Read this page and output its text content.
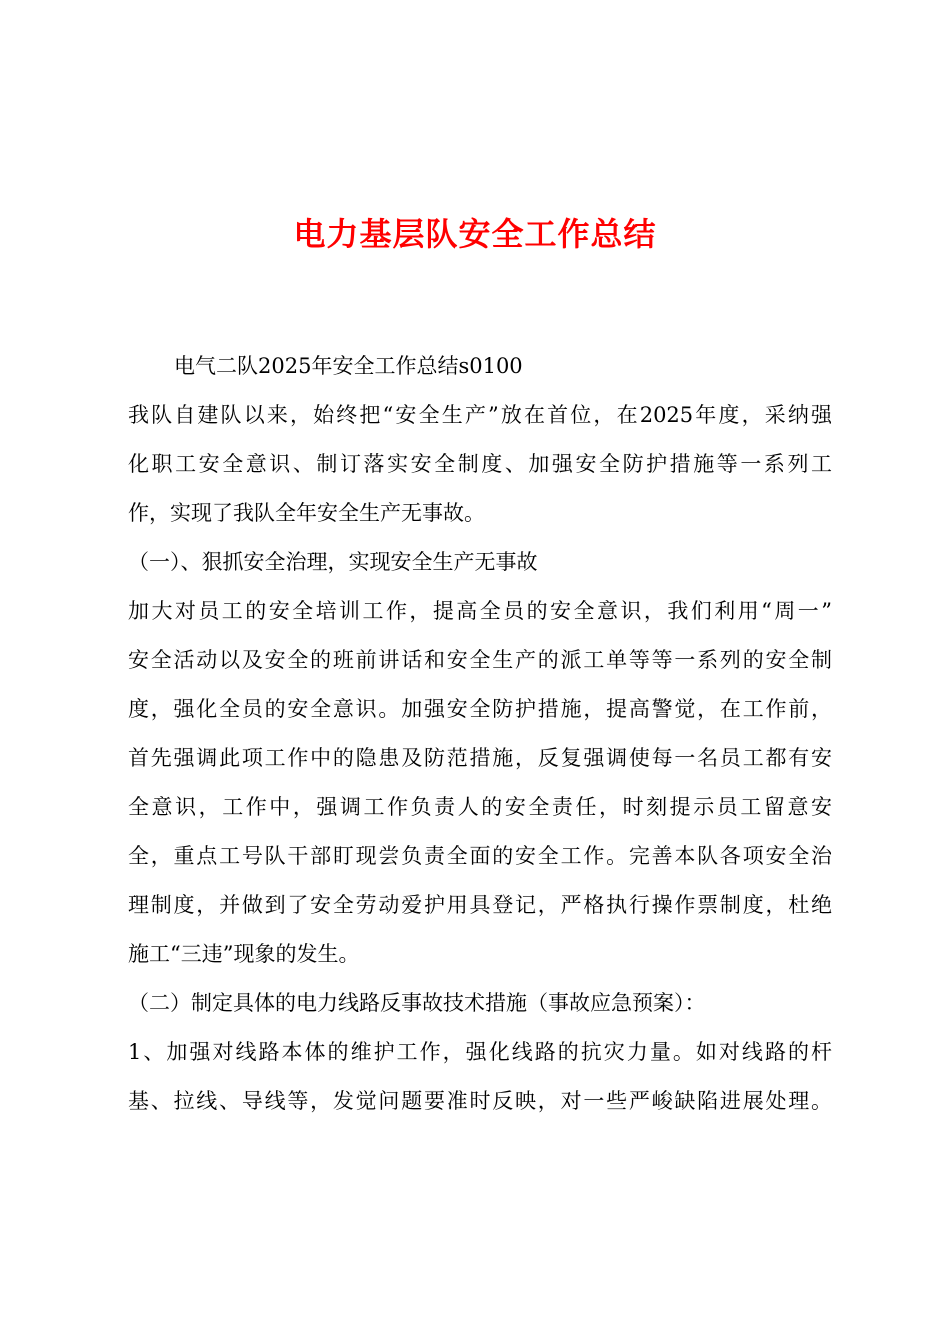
电力基层队安全工作总结
电气二队2025年安全工作总结s0100
我队自建队以来，始终把“安全生产”放在首位，在2025年度，采纳强
化职工安全意识、制订落实安全制度、加强安全防护措施等一系列工
作，实现了我队全年安全生产无事故。
（一）、狠抓安全治理，实现安全生产无事故
加大对员工的安全培训工作，提高全员的安全意识，我们利用“周一”
安全活动以及安全的班前讲话和安全生产的派工单等等一系列的安全制
度，强化全员的安全意识。加强安全防护措施，提高警觉，在工作前，
首先强调此项工作中的隐患及防范措施，反复强调使每一名员工都有安
全意识，工作中，强调工作负责人的安全责任，时刻提示员工留意安
全，重点工号队干部盯现尝负责全面的安全工作。完善本队各项安全治
理制度，并做到了安全劳动爱护用具登记，严格执行操作票制度，杜绝
施工“三违”现象的发生。
（二）制定具体的电力线路反事故技术措施（事故应急预案）：
1、加强对线路本体的维护工作，强化线路的抗灾力量。如对线路的杆
基、拉线、导线等，发觉问题要准时反映，对一些严峻缺陷进展处理。
